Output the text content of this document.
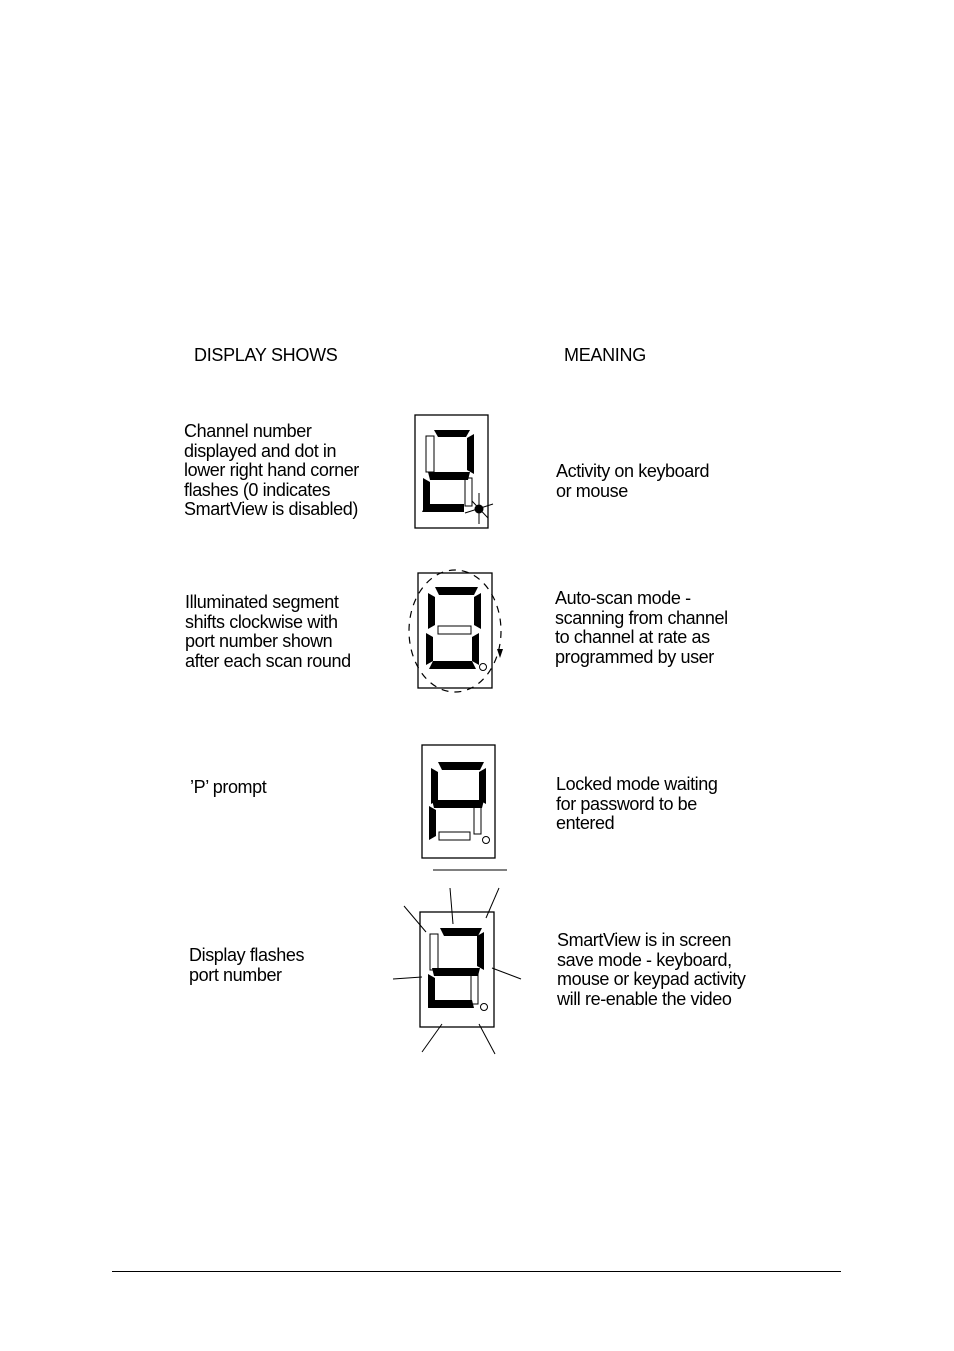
DISPLAY SHOWS	MEANING
Channel number
displayed and dot in
lower right hand corner
flashes (0 indicates
SmartView is disabled)
Activity on keyboard
or mouse
Illuminated segment
shifts clockwise with
port number shown
after each scan round
Auto-scan mode -
scanning from channel
to channel at rate as
programmed by user
’P’ prompt	Locked mode waiting
for password to be
entered
Display flashes
port number
SmartView is in screen
save mode - keyboard,
mouse or keypad activity
will re-enable the video
